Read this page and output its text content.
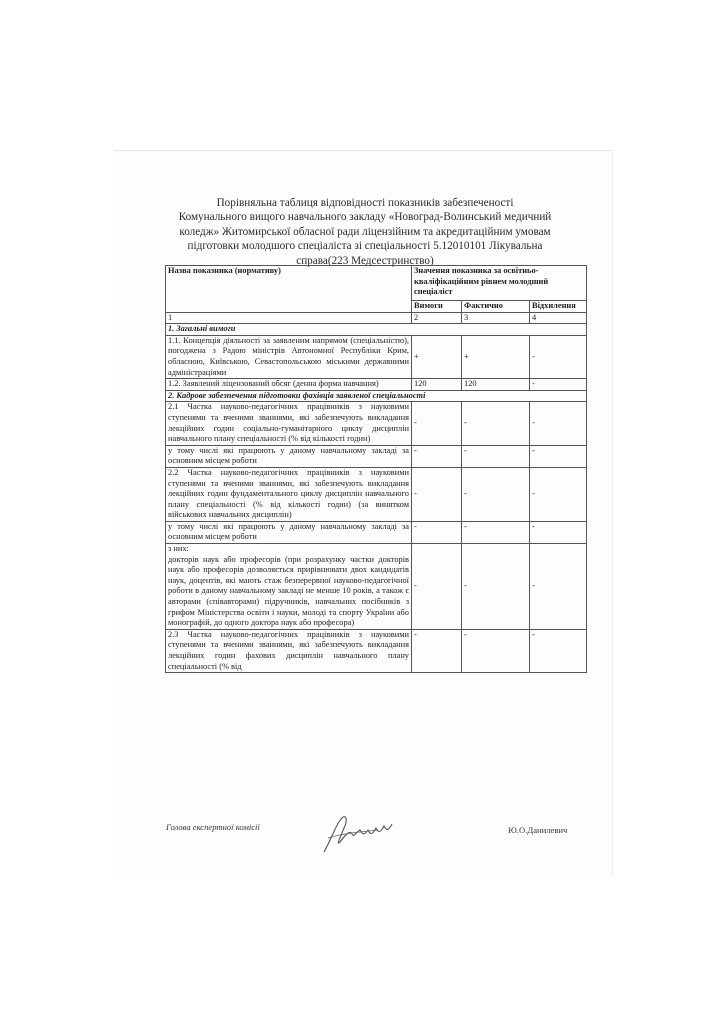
Порівняльна таблиця відповідності показників забезпеченості
Комунального вищого навчального закладу «Новоград-Волинський медичний
коледж» Житомирської обласної ради ліцензійним та акредитаційним умовам
підготовки молодшого спеціаліста зі спеціальності 5.12010101 Лікувальна
справа(223 Медсестринство)
Назва показника (нормативу)	Значення показника за освітньо-кваліфікаційним рівнем молодший спеціаліст		
	Вимоги	Фактично	Відхилення
1	2	3	4
1. Загальні вимоги			
1.1. Концепція діяльності за заявленим напрямом (спеціальністю), погоджена з Радою міністрів Автономної Республіки Крим, обласною, Київською, Севастопольською міськими державними адміністраціями	+	+	-
1.2. Заявлений ліцензований обсяг (денна форма навчання)	120	120	-
2. Кадрове забезпечення підготовки фахівців заявленої спеціальності			
2.1 Частка науково-педагогічних працівників з науковими ступенями та вченими званнями, які забезпечують викладання лекційних годин соціально-гуманітарного циклу дисциплін навчального плану спеціальності (% від кількості годин)	-	-	-
у тому числі які працюють у даному навчальному закладі за основним місцем роботи	-	-	-
2.2 Частка науково-педагогічних працівників з науковими ступенями та вченими званнями, які забезпечують викладання лекційних годин фундаментального циклу дисциплін навчального плану спеціальності (% від кількості годин) (за винятком військових навчальних дисциплін)	-	-	-
у тому числі які працюють у даному навчальному закладі за основним місцем роботи	-	-	-

з них:
докторів наук або професорів (при розрахунку частки докторів наук або професорів дозволяється прирівнювати двох кандидатів наук, доцентів, які мають стаж безперервної науково-педагогічної роботи в даному навчальному закладі не менше 10 років, а також є авторами (співавторами) підручників, навчальних посібників з грифом Міністерства освіти і науки, молоді та спорту України або монографій, до одного доктора наук або професора)	-	-	-
2.3 Частка науково-педагогічних працівників з науковими ступенями та вченими званнями, які забезпечують викладання лекційних годин фахових дисциплін навчального плану спеціальності (% від	-	-	-
Голова експертної комісії	Ю.О.Данилевич
